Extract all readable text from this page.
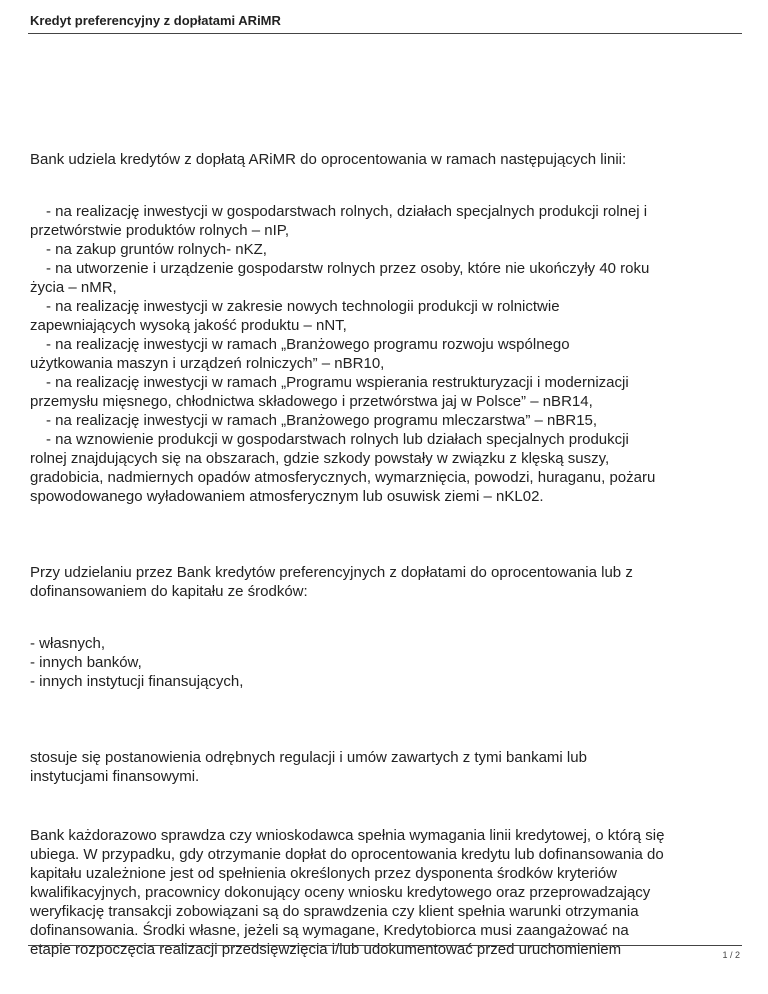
Kredyt preferencyjny z dopłatami ARiMR

Bank udziela kredytów z dopłatą ARiMR do oprocentowania w ramach następujących linii:

- na realizację inwestycji w gospodarstwach rolnych, działach specjalnych produkcji rolnej i
przetwórstwie produktów rolnych – nIP,
- na zakup gruntów rolnych- nKZ,
- na utworzenie i urządzenie gospodarstw rolnych przez osoby, które nie ukończyły 40 roku
życia – nMR,
- na realizację inwestycji w zakresie nowych technologii produkcji w rolnictwie
zapewniających wysoką jakość produktu – nNT,
- na realizację inwestycji w ramach „Branżowego programu rozwoju wspólnego
użytkowania maszyn i urządzeń rolniczych” – nBR10,
- na realizację inwestycji w ramach „Programu wspierania restrukturyzacji i modernizacji
przemysłu mięsnego, chłodnictwa składowego i przetwórstwa jaj w Polsce” – nBR14,
- na realizację inwestycji w ramach „Branżowego programu mleczarstwa” – nBR15,
- na wznowienie produkcji w gospodarstwach rolnych lub działach specjalnych produkcji
rolnej znajdujących się na obszarach, gdzie szkody powstały w związku z klęską suszy,
gradobicia, nadmiernych opadów atmosferycznych, wymarznięcia, powodzi, huraganu, pożaru
spowodowanego wyładowaniem atmosferycznym lub osuwisk ziemi – nKL02.
Przy udzielaniu przez Bank kredytów preferencyjnych z dopłatami do oprocentowania lub z
dofinansowaniem do kapitału ze środków:
- własnych,
- innych banków,
- innych instytucji finansujących,
stosuje się postanowienia odrębnych regulacji i umów zawartych z tymi bankami lub
instytucjami finansowymi.
Bank każdorazowo sprawdza czy wnioskodawca spełnia wymagania linii kredytowej, o którą się
ubiega. W przypadku, gdy otrzymanie dopłat do oprocentowania kredytu lub dofinansowania do
kapitału uzależnione jest od spełnienia określonych przez dysponenta środków kryteriów
kwalifikacyjnych, pracownicy dokonujący oceny wniosku kredytowego oraz przeprowadzający
weryfikację transakcji zobowiązani są do sprawdzenia czy klient spełnia warunki otrzymania
dofinansowania. Środki własne, jeżeli są wymagane, Kredytobiorca musi zaangażować na
etapie rozpoczęcia realizacji przedsięwzięcia i/lub udokumentować przed uruchomieniem	1 / 2
